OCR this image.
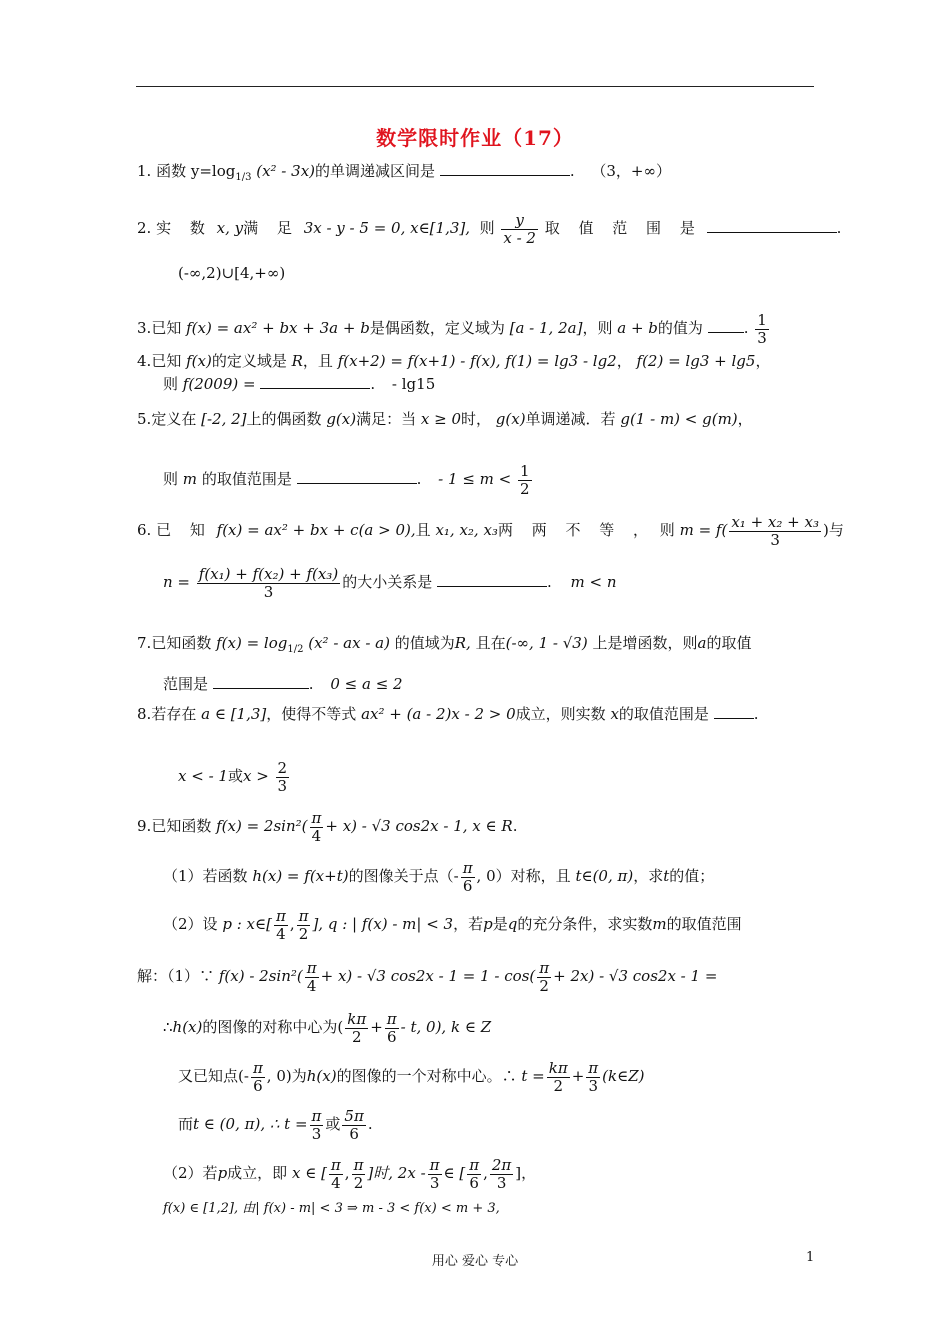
数学限时作业（17）
1. 函数 $y=\log_{1/3}$ (x² - 3x)的单调递减区间是	. （3，+∞）
2. 实 数 x, y满 足 3x - y - 5 = 0, x∈[1,3], 则 $\frac{y}{x - 2}$ 取 值 范 围 是	.
(-∞,2)∪[4,+∞)
3.已知 f(x) = ax² + bx + 3a + b是偶函数，定义域为 [a - 1, 2a]，则 a + b的值为	. $\frac{1}{3}$
4.已知 f(x)的定义域是 R，且 f(x+2) = f(x+1) - f(x), f(1) = lg3 - lg2， f(2) = lg3 + lg5，
则 f(2009) =	. - lg15
5.定义在 [-2, 2]上的偶函数 g(x)满足：当 x ≥ 0时， g(x)单调递减．若 g(1 - m) < g(m)，
则 m 的取值范围是	. - $1 \le m < \frac{1}{2}$
6. 已 知 f(x) = ax² + bx + c(a > 0),且 x₁, x₂, x₃两 两 不 等 ， 则 $m = f( \frac{\text{x₁ + x₂ + x₃}}{3}$ )与
$n = \frac{\text{f(x₁) + f(x₂) + f(x₃)}}{3}$ 的大小关系是	. m < n
7.已知函数 $f(x) = \log_{1/2} (x^2$ - ax - a) 的值域为R, 且在(-∞, 1 - √3) 上是增函数，则a的取值
范围是	. 0 ≤ a ≤ 2
8.若存在 a ∈ [1,3]，使得不等式 ax² + (a - 2)x - 2 > 0成立，则实数 x的取值范围是	.
x < - 1或$x > \frac{2}{3}$
9.已知函数 $f(x) = 2\sin^2( \frac{\pi}{4} + x) - √3$ cos2x - 1, x ∈ R.
（1）若函数 h(x) = f(x+t)的图像关于点（- $\frac{\pi}{6}$ , 0）对称，且 t∈(0, π)，求t的值；
（2）设 p : x∈[ $\frac{\pi}{4}$ , $\frac{\pi}{2}$ ], q : | f(x) - m| < 3，若p是q的充分条件，求实数m的取值范围
解：（1）∵ $f(x) - 2\sin^2( \frac{\pi}{4} + x) - √3$ $\cos 2x - 1 = 1 - \cos( \frac{\pi}{2} + 2x) - √3$ cos2x - 1 =
∴h(x)的图像的对称中心为( $\frac{k\pi}{2} + \frac{\pi}{6} - t$, 0), k ∈ Z
又已知点(- $\frac{\pi}{6}$ , 0)为h(x)的图像的一个对称中心。∴ $t = \frac{k\pi}{2} + \frac{\pi}{3}$ (k∈Z)
而t ∈ (0, π), ∴ $t = \frac{\pi}{3}$ 或 $\frac{5\pi}{6}$ .
（2）若p成立，即 x ∈ [ $\frac{\pi}{4}$ , $\frac{\pi}{2}$ ]时, $2x - \frac{\pi}{3}$ ∈ [ $\frac{\pi}{6}$ , $\frac{2\pi}{3}$ ]，
f(x) ∈ [1,2], 由| f(x) - m| < 3 ⇒ m - 3 < f(x) < m + 3,
用心 爱心 专心	1
